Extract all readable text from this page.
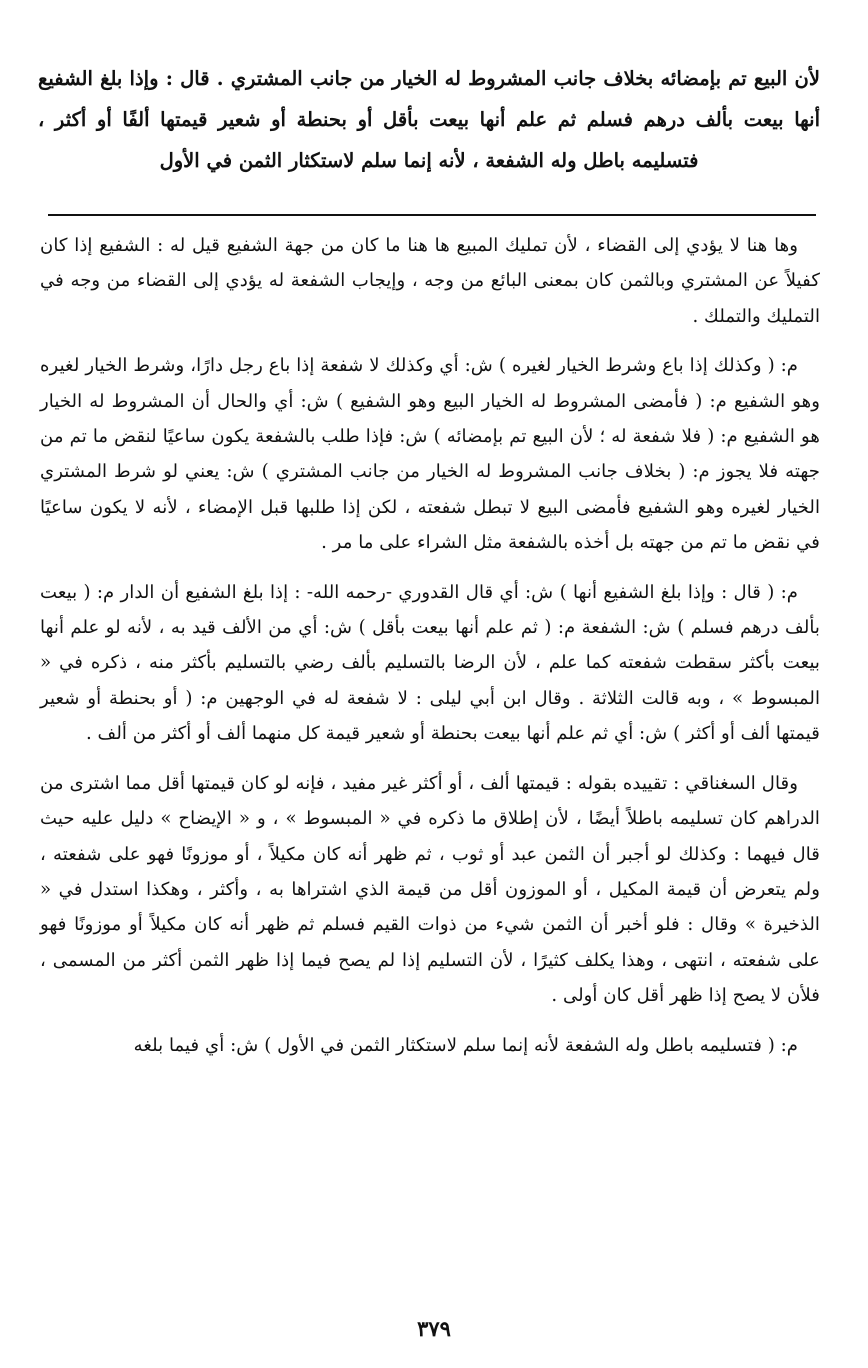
لأن البيع تم بإمضائه بخلاف جانب المشروط له الخيار من جانب المشتري . قال : وإذا بلغ الشفيع أنها بيعت بألف درهم فسلم ثم علم أنها بيعت بأقل أو بحنطة أو شعير قيمتها ألفًا أو أكثر ، فتسليمه باطل وله الشفعة ، لأنه إنما سلم لاستكثار الثمن في الأول

وها هنا لا يؤدي إلى القضاء ، لأن تمليك المبيع ها هنا ما كان من جهة الشفيع قيل له : الشفيع إذا كان كفيلاً عن المشتري وبالثمن كان بمعنى البائع من وجه ، وإيجاب الشفعة له يؤدي إلى القضاء من وجه في التمليك والتملك .

م: ( وكذلك إذا باع وشرط الخيار لغيره ) ش: أي وكذلك لا شفعة إذا باع رجل دارًا، وشرط الخيار لغيره وهو الشفيع م: ( فأمضى المشروط له الخيار البيع وهو الشفيع ) ش: أي والحال أن المشروط له الخيار هو الشفيع م: ( فلا شفعة له ؛ لأن البيع تم بإمضائه ) ش: فإذا طلب بالشفعة يكون ساعيًا لنقض ما تم من جهته فلا يجوز م: ( بخلاف جانب المشروط له الخيار من جانب المشتري ) ش: يعني لو شرط المشتري الخيار لغيره وهو الشفيع فأمضى البيع لا تبطل شفعته ، لكن إذا طلبها قبل الإمضاء ، لأنه لا يكون ساعيًا في نقض ما تم من جهته بل أخذه بالشفعة مثل الشراء على ما مر .

م: ( قال : وإذا بلغ الشفيع أنها ) ش: أي قال القدوري -رحمه الله- : إذا بلغ الشفيع أن الدار م: ( بيعت بألف درهم فسلم ) ش: الشفعة م: ( ثم علم أنها بيعت بأقل ) ش: أي من الألف قيد به ، لأنه لو علم أنها بيعت بأكثر سقطت شفعته كما علم ، لأن الرضا بالتسليم بألف رضي بالتسليم بأكثر منه ، ذكره في « المبسوط » ، وبه قالت الثلاثة . وقال ابن أبي ليلى : لا شفعة له في الوجهين م: ( أو بحنطة أو شعير قيمتها ألف أو أكثر ) ش: أي ثم علم أنها بيعت بحنطة أو شعير قيمة كل منهما ألف أو أكثر من ألف .

وقال السغناقي : تقييده بقوله : قيمتها ألف ، أو أكثر غير مفيد ، فإنه لو كان قيمتها أقل مما اشترى من الدراهم كان تسليمه باطلاً أيضًا ، لأن إطلاق ما ذكره في « المبسوط » ، و « الإيضاح » دليل عليه حيث قال فيهما : وكذلك لو أجبر أن الثمن عبد أو ثوب ، ثم ظهر أنه كان مكيلاً ، أو موزونًا فهو على شفعته ، ولم يتعرض أن قيمة المكيل ، أو الموزون أقل من قيمة الذي اشتراها به ، وأكثر ، وهكذا استدل في « الذخيرة » وقال : فلو أخبر أن الثمن شيء من ذوات القيم فسلم ثم ظهر أنه كان مكيلاً أو موزونًا فهو على شفعته ، انتهى ، وهذا يكلف كثيرًا ، لأن التسليم إذا لم يصح فيما إذا ظهر الثمن أكثر من المسمى ، فلأن لا يصح إذا ظهر أقل كان أولى .

م: ( فتسليمه باطل وله الشفعة لأنه إنما سلم لاستكثار الثمن في الأول ) ش: أي فيما بلغه

٣٧٩
